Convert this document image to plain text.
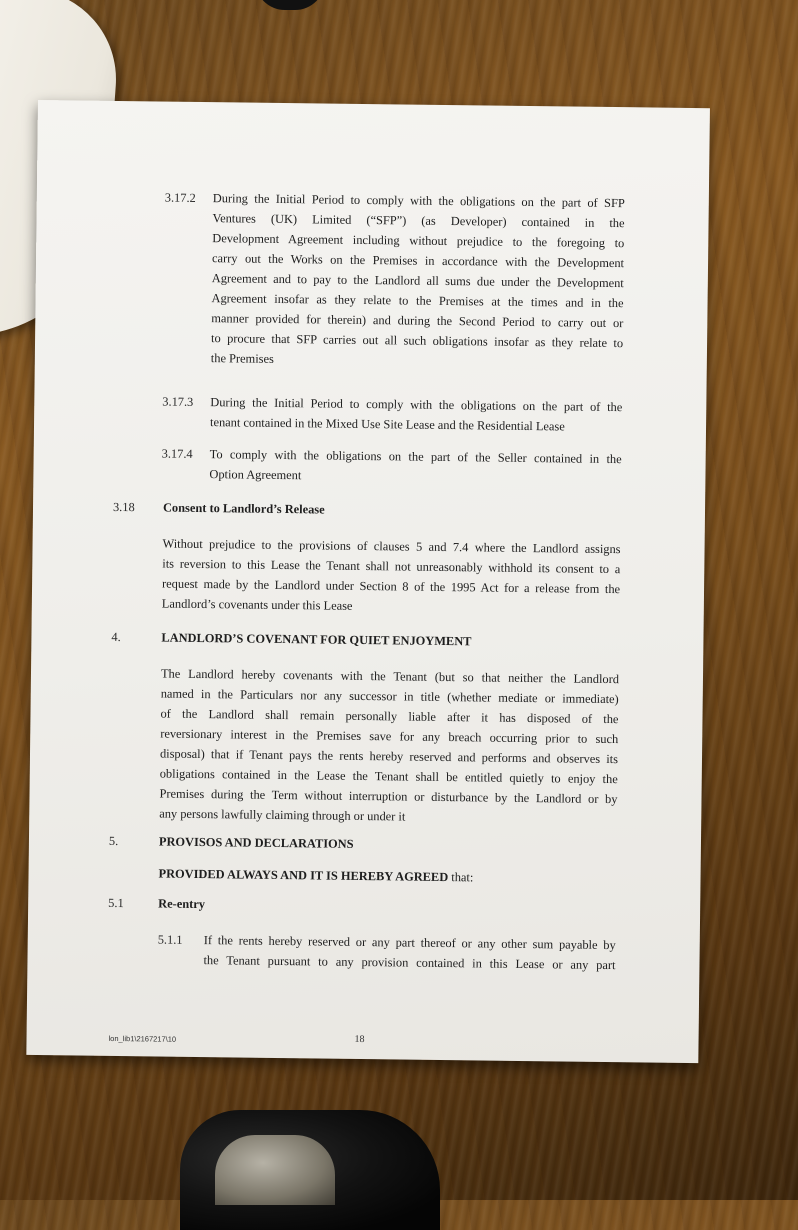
3.17.2 During the Initial Period to comply with the obligations on the part of SFP
Ventures (UK) Limited (“SFP”) (as Developer) contained in the
Development Agreement including without prejudice to the foregoing to
carry out the Works on the Premises in accordance with the Development
Agreement and to pay to the Landlord all sums due under the Development
Agreement insofar as they relate to the Premises at the times and in the
manner provided for therein) and during the Second Period to carry out or
to procure that SFP carries out all such obligations insofar as they relate to
the Premises
3.17.3 During the Initial Period to comply with the obligations on the part of the
tenant contained in the Mixed Use Site Lease and the Residential Lease
3.17.4 To comply with the obligations on the part of the Seller contained in the
Option Agreement
3.18 Consent to Landlord’s Release
Without prejudice to the provisions of clauses 5 and 7.4 where the Landlord assigns
its reversion to this Lease the Tenant shall not unreasonably withhold its consent to a
request made by the Landlord under Section 8 of the 1995 Act for a release from the
Landlord’s covenants under this Lease
4.	LANDLORD’S COVENANT FOR QUIET ENJOYMENT
The Landlord hereby covenants with the Tenant (but so that neither the Landlord
named in the Particulars nor any successor in title (whether mediate or immediate)
of the Landlord shall remain personally liable after it has disposed of the
reversionary interest in the Premises save for any breach occurring prior to such
disposal) that if Tenant pays the rents hereby reserved and performs and observes its
obligations contained in the Lease the Tenant shall be entitled quietly to enjoy the
Premises during the Term without interruption or disturbance by the Landlord or by
any persons lawfully claiming through or under it
5.	PROVISOS AND DECLARATIONS
PROVIDED ALWAYS AND IT IS HEREBY AGREED that:
5.1	Re-entry
5.1.1 If the rents hereby reserved or any part thereof or any other sum payable by
the Tenant pursuant to any provision contained in this Lease or any part
lon_lib1\2167217\10	18
